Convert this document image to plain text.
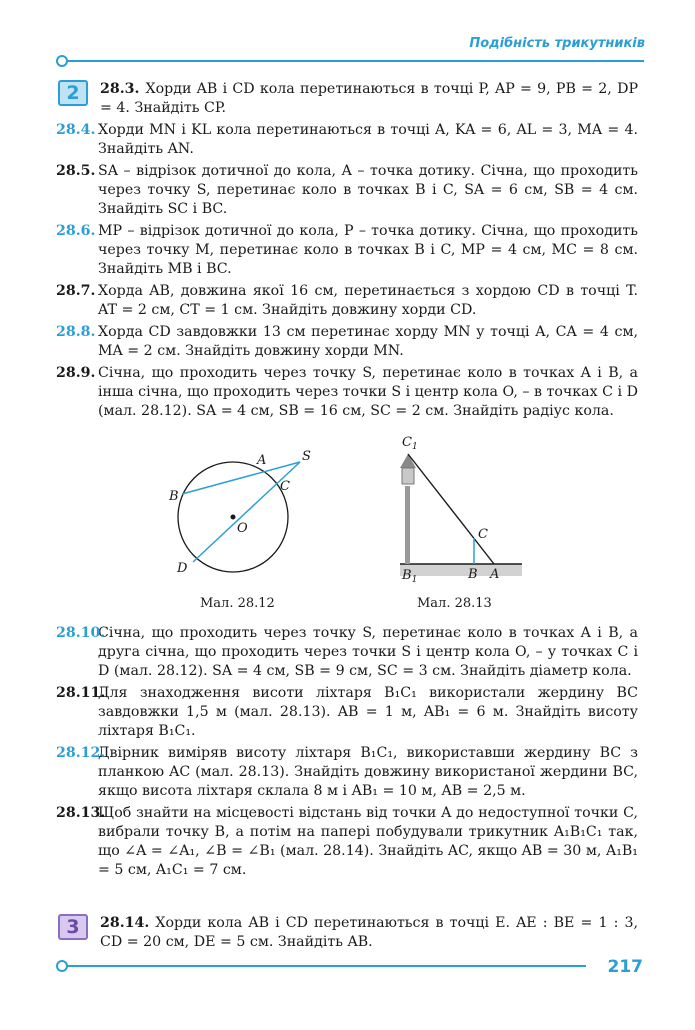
Подібність трикутників
2	28.3. Хорди AB і CD кола перетинаються в точці P, AP = 9, PB = 2, DP = 4. Знайдіть CP.
28.4. Хорди MN і KL кола перетинаються в точці A, KA = 6, AL = 3, MA = 4. Знайдіть AN.
28.5. SA – відрізок дотичної до кола, A – точка дотику. Січна, що проходить через точку S, перетинає коло в точках B і C, SA = 6 см, SB = 4 см. Знайдіть SC і BC.
28.6. MP – відрізок дотичної до кола, P – точка дотику. Січна, що проходить через точку M, перетинає коло в точках B і C, MP = 4 см, MC = 8 см. Знайдіть MB і BC.
28.7. Хорда AB, довжина якої 16 см, перетинається з хордою CD в точці T. AT = 2 см, CT = 1 см. Знайдіть довжину хорди CD.
28.8. Хорда CD завдовжки 13 см перетинає хорду MN у точці A, CA = 4 см, MA = 2 см. Знайдіть довжину хорди MN.
28.9. Січна, що проходить через точку S, перетинає коло в точках A і B, а інша січна, що проходить через точки S і центр кола O, – в точках C і D (мал. 28.12). SA = 4 см, SB = 16 см, SC = 2 см. Знайдіть радіус кола.
S
A
B
C
O
D
$C_1$
C
$B_1$	B A
Мал. 28.12	Мал. 28.13
28.10.
Січна, що проходить через точку S, перетинає коло в точках A і B, а друга січна, що проходить через точки S і центр кола O, – у точках C і D (мал. 28.12). SA = 4 см, SB = 9 см, SC = 3 см. Знайдіть діаметр кола.
28.11.
Для знаходження висоти ліхтаря B₁C₁ використали жердину BC завдовжки 1,5 м (мал. 28.13). AB = 1 м, AB₁ = 6 м. Знайдіть висоту ліхтаря B₁C₁.
28.12.
Двірник виміряв висоту ліхтаря B₁C₁, використавши жердину BC з планкою AC (мал. 28.13). Знайдіть довжину використаної жердини BC, якщо висота ліхтаря склала 8 м і AB₁ = 10 м, AB = 2,5 м.
28.13.
Щоб знайти на місцевості відстань від точки A до недоступної точки C, вибрали точку B, а потім на папері побудували трикутник A₁B₁C₁ так, що ∠A = ∠A₁, ∠B = ∠B₁ (мал. 28.14). Знайдіть AC, якщо AB = 30 м, A₁B₁ = 5 см, A₁C₁ = 7 см.
3	28.14. Хорди кола AB і CD перетинаються в точці E. AE : BE = 1 : 3, CD = 20 см, DE = 5 см. Знайдіть AB.
217
